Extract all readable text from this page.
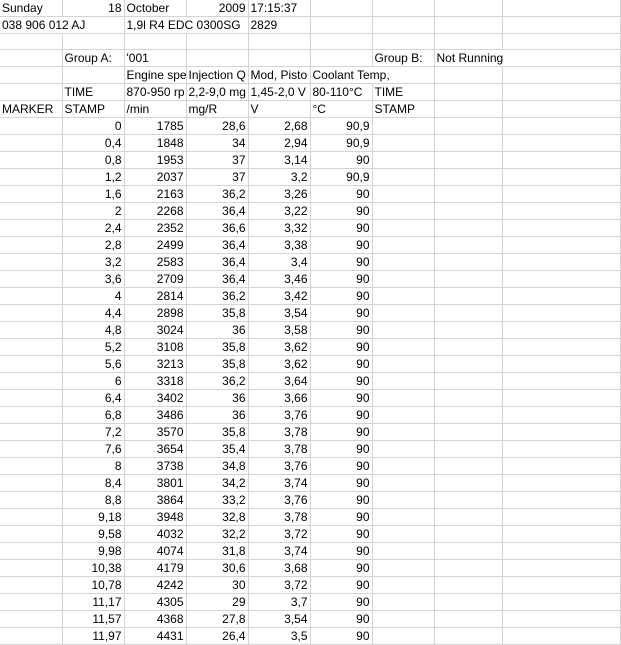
Sunday	18	October	2009	17:15:37				
038 906 012 AJ		1,9l R4 EDC 0300SG		2829				

	Group A:	'001				Group B:	Not Running	
		Engine spe	Injection Q	Mod, Pisto	Coolant Temp,			
	TIME	870-950 rp	2,2-9,0 mg	1,45-2,0 V	80-110°C	TIME		
MARKER	STAMP	/min	mg/R	V	°C	STAMP		
	0	1785	28,6	2,68	90,9			
	0,4	1848	34	2,94	90,9			
	0,8	1953	37	3,14	90			
	1,2	2037	37	3,2	90,9			
	1,6	2163	36,2	3,26	90			
	2	2268	36,4	3,22	90			
	2,4	2352	36,6	3,32	90			
	2,8	2499	36,4	3,38	90			
	3,2	2583	36,4	3,4	90			
	3,6	2709	36,4	3,46	90			
	4	2814	36,2	3,42	90			
	4,4	2898	35,8	3,54	90			
	4,8	3024	36	3,58	90			
	5,2	3108	35,8	3,62	90			
	5,6	3213	35,8	3,62	90			
	6	3318	36,2	3,64	90			
	6,4	3402	36	3,66	90			
	6,8	3486	36	3,76	90			
	7,2	3570	35,8	3,78	90			
	7,6	3654	35,4	3,78	90			
	8	3738	34,8	3,76	90			
	8,4	3801	34,2	3,74	90			
	8,8	3864	33,2	3,76	90			
	9,18	3948	32,8	3,78	90			
	9,58	4032	32,2	3,72	90			
	9,98	4074	31,8	3,74	90			
	10,38	4179	30,6	3,68	90			
	10,78	4242	30	3,72	90			
	11,17	4305	29	3,7	90			
	11,57	4368	27,8	3,54	90			
	11,97	4431	26,4	3,5	90			
